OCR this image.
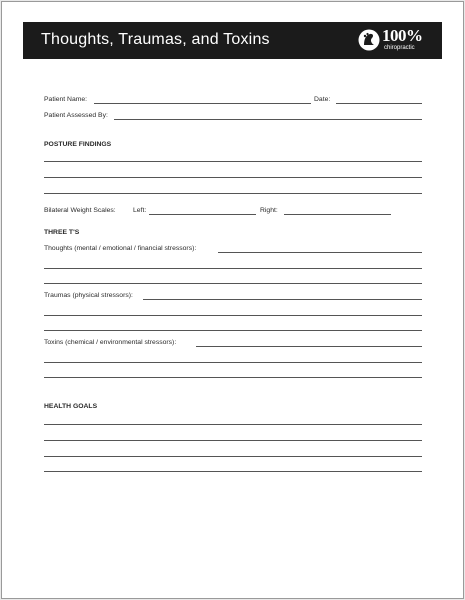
Thoughts, Traumas, and Toxins	100%
chiropractic
Patient Name:	Date:
Patient Assessed By:
POSTURE FINDINGS
Bilateral Weight Scales:	Left:	Right:
THREE T'S
Thoughts (mental / emotional / financial stressors):
Traumas (physical stressors):
Toxins (chemical / environmental stressors):
HEALTH GOALS
